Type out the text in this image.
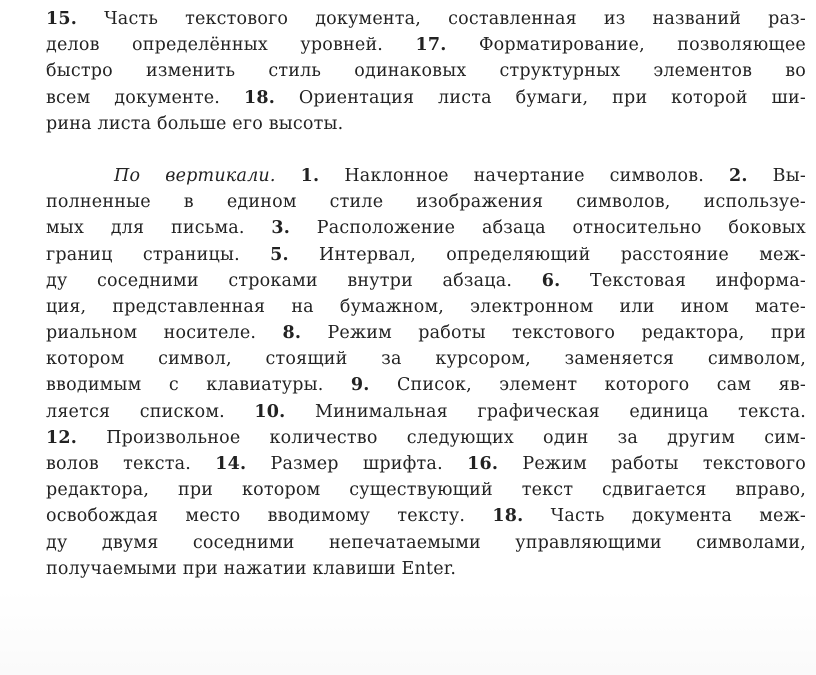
15. Часть текстового документа, составленная из названий раз-
делов определённых уровней. 17. Форматирование, позволяющее
быстро изменить стиль одинаковых структурных элементов во
всем документе. 18. Ориентация листа бумаги, при которой ши-
рина листа больше его высоты.
По вертикали. 1. Наклонное начертание символов. 2. Вы-
полненные в едином стиле изображения символов, используе-
мых для письма. 3. Расположение абзаца относительно боковых
границ страницы. 5. Интервал, определяющий расстояние меж-
ду соседними строками внутри абзаца. 6. Текстовая информа-
ция, представленная на бумажном, электронном или ином мате-
риальном носителе. 8. Режим работы текстового редактора, при
котором символ, стоящий за курсором, заменяется символом,
вводимым с клавиатуры. 9. Список, элемент которого сам яв-
ляется списком. 10. Минимальная графическая единица текста.
12. Произвольное количество следующих один за другим сим-
волов текста. 14. Размер шрифта. 16. Режим работы текстового
редактора, при котором существующий текст сдвигается вправо,
освобождая место вводимому тексту. 18. Часть документа меж-
ду двумя соседними непечатаемыми управляющими символами,
получаемыми при нажатии клавиши Enter.
